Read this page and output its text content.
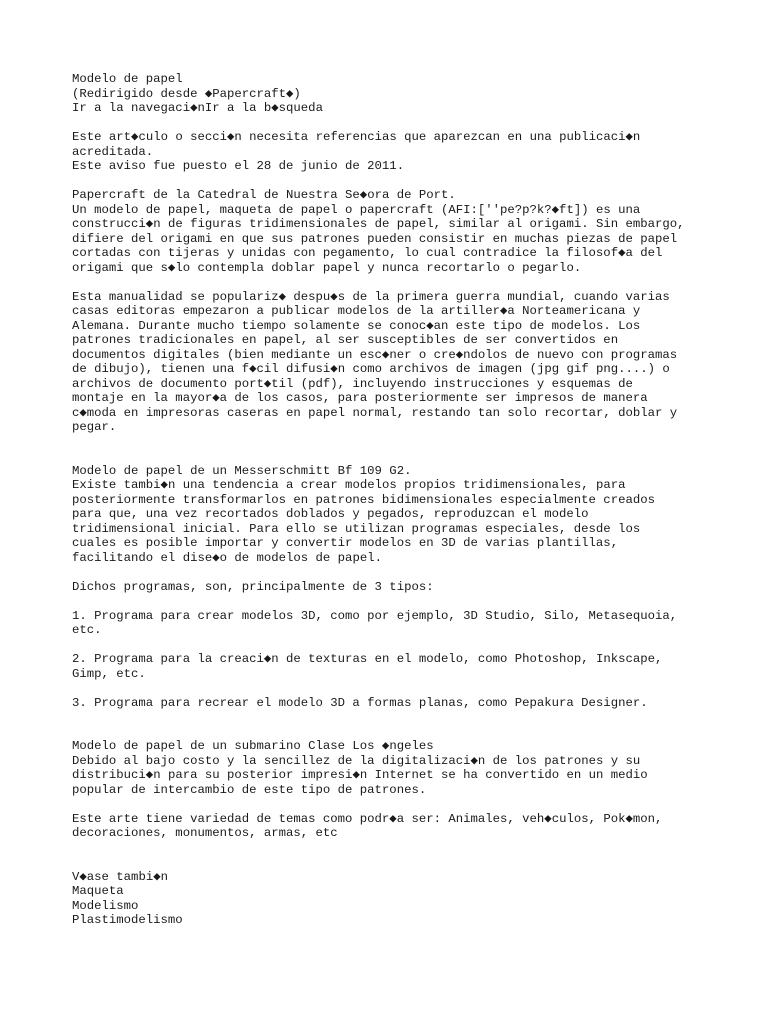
Modelo de papel
(Redirigido desde ◆Papercraft◆)
Ir a la navegaci◆nIr a la b◆squeda
Este art◆culo o secci◆n necesita referencias que aparezcan en una publicaci◆n
acreditada.
Este aviso fue puesto el 28 de junio de 2011.
Papercraft de la Catedral de Nuestra Se◆ora de Port.
Un modelo de papel, maqueta de papel o papercraft (AFI:[''pe?p?k?◆ft]) es una
construcci◆n de figuras tridimensionales de papel, similar al origami. Sin embargo,
difiere del origami en que sus patrones pueden consistir en muchas piezas de papel
cortadas con tijeras y unidas con pegamento, lo cual contradice la filosof◆a del
origami que s◆lo contempla doblar papel y nunca recortarlo o pegarlo.
Esta manualidad se populariz◆ despu◆s de la primera guerra mundial, cuando varias
casas editoras empezaron a publicar modelos de la artiller◆a Norteamericana y
Alemana. Durante mucho tiempo solamente se conoc◆an este tipo de modelos. Los
patrones tradicionales en papel, al ser susceptibles de ser convertidos en
documentos digitales (bien mediante un esc◆ner o cre◆ndolos de nuevo con programas
de dibujo), tienen una f◆cil difusi◆n como archivos de imagen (jpg gif png....) o
archivos de documento port◆til (pdf), incluyendo instrucciones y esquemas de
montaje en la mayor◆a de los casos, para posteriormente ser impresos de manera
c◆moda en impresoras caseras en papel normal, restando tan solo recortar, doblar y
pegar.
Modelo de papel de un Messerschmitt Bf 109 G2.
Existe tambi◆n una tendencia a crear modelos propios tridimensionales, para
posteriormente transformarlos en patrones bidimensionales especialmente creados
para que, una vez recortados doblados y pegados, reproduzcan el modelo
tridimensional inicial. Para ello se utilizan programas especiales, desde los
cuales es posible importar y convertir modelos en 3D de varias plantillas,
facilitando el dise◆o de modelos de papel.
Dichos programas, son, principalmente de 3 tipos:
1. Programa para crear modelos 3D, como por ejemplo, 3D Studio, Silo, Metasequoia,
etc.
2. Programa para la creaci◆n de texturas en el modelo, como Photoshop, Inkscape,
Gimp, etc.
3. Programa para recrear el modelo 3D a formas planas, como Pepakura Designer.
Modelo de papel de un submarino Clase Los ◆ngeles
Debido al bajo costo y la sencillez de la digitalizaci◆n de los patrones y su
distribuci◆n para su posterior impresi◆n Internet se ha convertido en un medio
popular de intercambio de este tipo de patrones.
Este arte tiene variedad de temas como podr◆a ser: Animales, veh◆culos, Pok◆mon,
decoraciones, monumentos, armas, etc
V◆ase tambi◆n
Maqueta
Modelismo
Plastimodelismo
